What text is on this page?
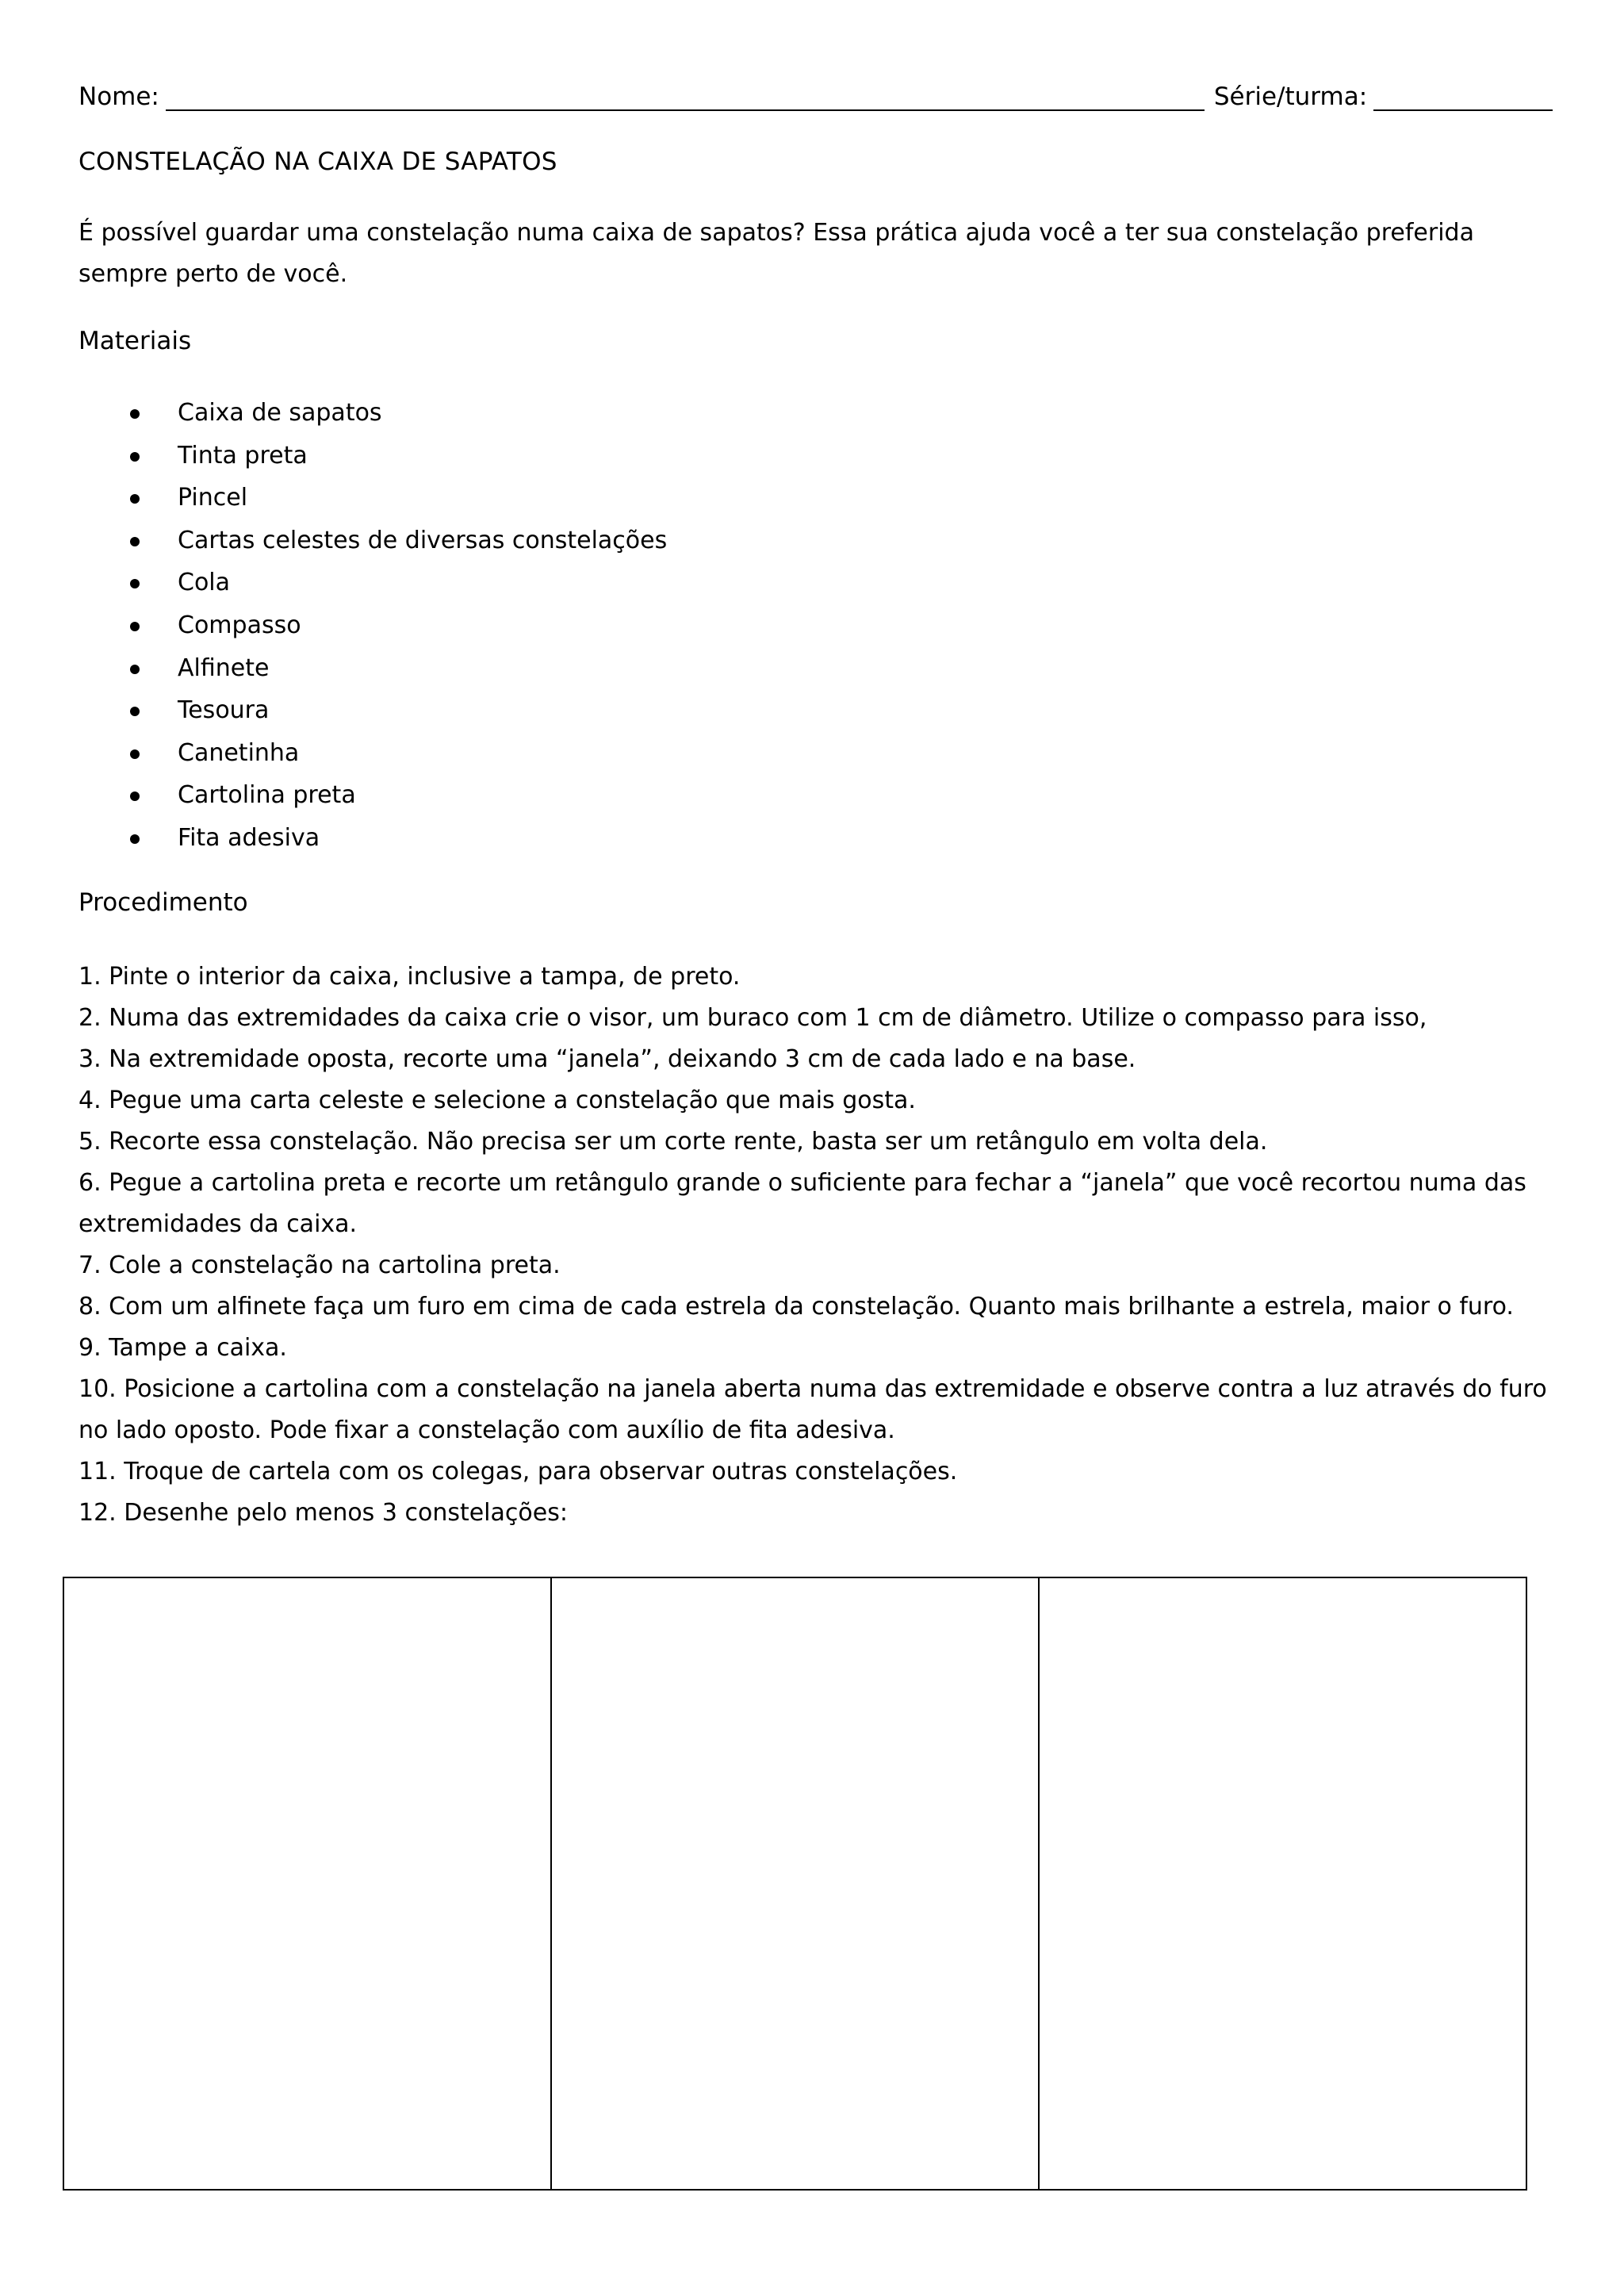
Nome:	Série/turma:
CONSTELAÇÃO NA CAIXA DE SAPATOS
É possível guardar uma constelação numa caixa de sapatos? Essa prática ajuda você a ter sua constelação preferida sempre perto de você.
Materiais
Caixa de sapatos
Tinta preta
Pincel
Cartas celestes de diversas constelações
Cola
Compasso
Alfinete
Tesoura
Canetinha
Cartolina preta
Fita adesiva
Procedimento
1. Pinte o interior da caixa, inclusive a tampa, de preto.
2. Numa das extremidades da caixa crie o visor, um buraco com 1 cm de diâmetro. Utilize o compasso para isso,
3. Na extremidade oposta, recorte uma “janela”, deixando 3 cm de cada lado e na base.
4. Pegue uma carta celeste e selecione a constelação que mais gosta.
5. Recorte essa constelação. Não precisa ser um corte rente, basta ser um retângulo em volta dela.
6. Pegue a cartolina preta e recorte um retângulo grande o suficiente para fechar a “janela” que você recortou numa das extremidades da caixa.
7. Cole a constelação na cartolina preta.
8. Com um alfinete faça um furo em cima de cada estrela da constelação. Quanto mais brilhante a estrela, maior o furo.
9. Tampe a caixa.
10. Posicione a cartolina com a constelação na janela aberta numa das extremidade e observe contra a luz através do furo no lado oposto. Pode fixar a constelação com auxílio de fita adesiva.
11. Troque de cartela com os colegas, para observar outras constelações.
12. Desenhe pelo menos 3 constelações:
